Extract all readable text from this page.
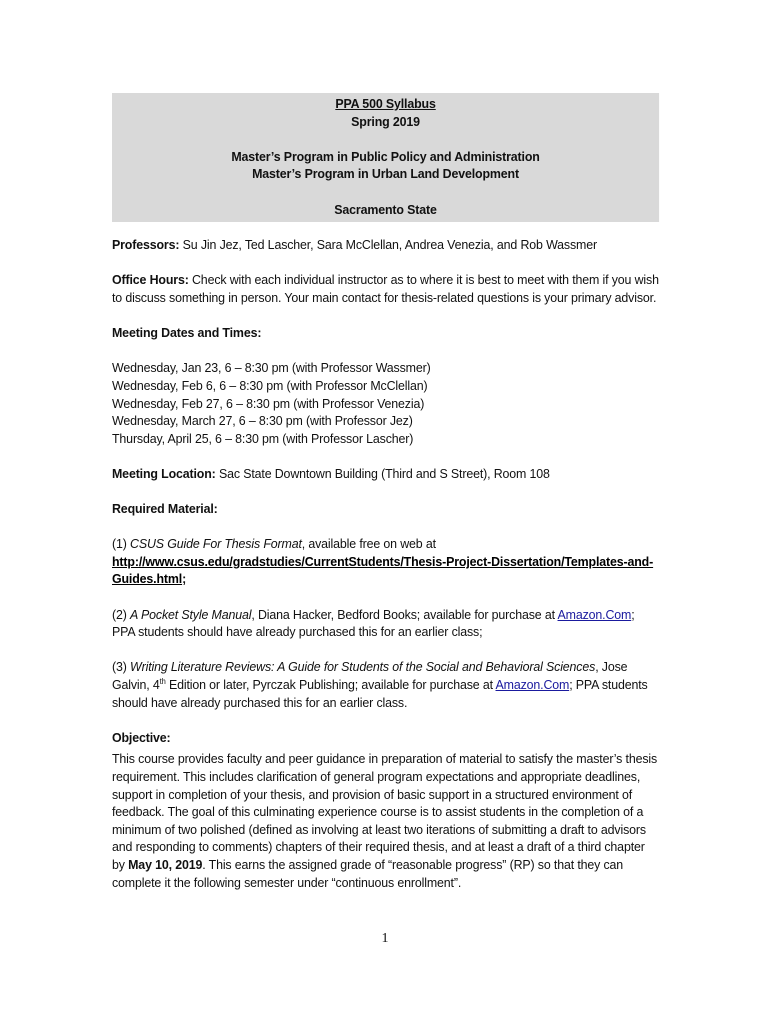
PPA 500 Syllabus
Spring 2019
Master’s Program in Public Policy and Administration
Master’s Program in Urban Land Development
Sacramento State

Professors: Su Jin Jez, Ted Lascher, Sara McClellan, Andrea Venezia, and Rob Wassmer

Office Hours: Check with each individual instructor as to where it is best to meet with them if you wish to discuss something in person. Your main contact for thesis-related questions is your primary advisor.

Meeting Dates and Times:

Wednesday, Jan 23, 6 – 8:30 pm (with Professor Wassmer)
Wednesday, Feb 6, 6 – 8:30 pm (with Professor McClellan)
Wednesday, Feb 27, 6 – 8:30 pm (with Professor Venezia)
Wednesday, March 27, 6 – 8:30 pm (with Professor Jez)
Thursday, April 25, 6 – 8:30 pm (with Professor Lascher)

Meeting Location: Sac State Downtown Building (Third and S Street), Room 108

Required Material:

(1) CSUS Guide For Thesis Format, available free on web at http://www.csus.edu/gradstudies/CurrentStudents/Thesis-Project-Dissertation/Templates-and-Guides.html;

(2) A Pocket Style Manual, Diana Hacker, Bedford Books; available for purchase at Amazon.Com; PPA students should have already purchased this for an earlier class;

(3) Writing Literature Reviews: A Guide for Students of the Social and Behavioral Sciences, Jose Galvin, 4th Edition or later, Pyrczak Publishing; available for purchase at Amazon.Com; PPA students should have already purchased this for an earlier class.

Objective:

This course provides faculty and peer guidance in preparation of material to satisfy the master’s thesis requirement. This includes clarification of general program expectations and appropriate deadlines, support in completion of your thesis, and provision of basic support in a structured environment of feedback. The goal of this culminating experience course is to assist students in the completion of a minimum of two polished (defined as involving at least two iterations of submitting a draft to advisors and responding to comments) chapters of their required thesis, and at least a draft of a third chapter by May 10, 2019. This earns the assigned grade of “reasonable progress” (RP) so that they can complete it the following semester under “continuous enrollment”.

1
